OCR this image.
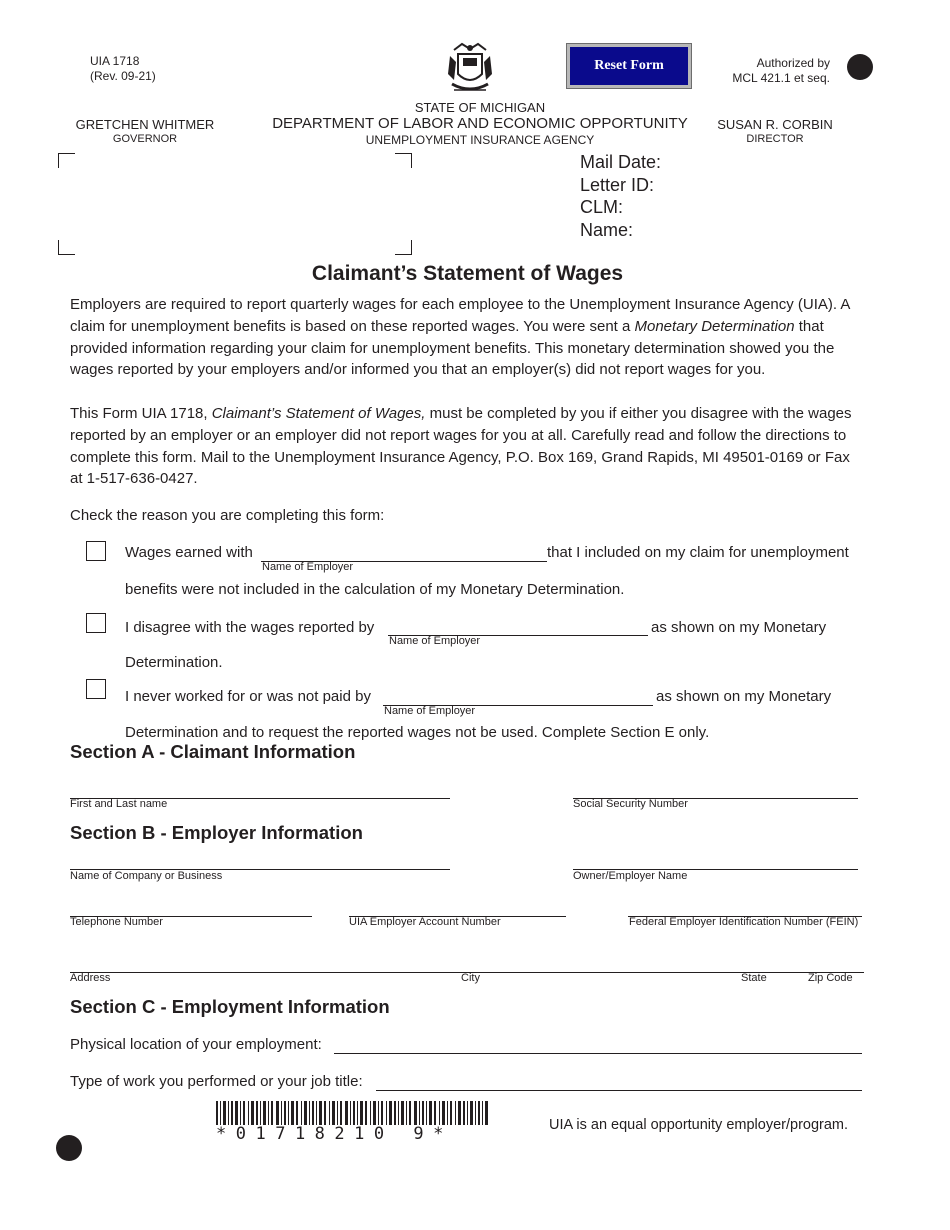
UIA 1718
(Rev. 09-21)
Reset Form	Authorized by
MCL 421.1 et seq.
STATE OF MICHIGAN
DEPARTMENT OF LABOR AND ECONOMIC OPPORTUNITY
UNEMPLOYMENT INSURANCE AGENCY
GRETCHEN WHITMER
GOVERNOR
SUSAN R. CORBIN
DIRECTOR
Mail Date:
Letter ID:
CLM:
Name:
Claimant’s Statement of Wages
Employers are required to report quarterly wages for each employee to the Unemployment Insurance Agency (UIA). A claim for unemployment benefits is based on these reported wages. You were sent a Monetary Determination that provided information regarding your claim for unemployment benefits. This monetary determination showed you the wages reported by your employers and/or informed you that an employer(s) did not report wages for you.
This Form UIA 1718, Claimant’s Statement of Wages, must be completed by you if either you disagree with the wages reported by an employer or an employer did not report wages for you at all. Carefully read and follow the directions to complete this form. Mail to the Unemployment Insurance Agency, P.O. Box 169, Grand Rapids, MI 49501-0169 or Fax at 1-517-636-0427.
Check the reason you are completing this form:
Wages earned with
Name of Employer
that I included on my claim for unemployment
benefits were not included in the calculation of my Monetary Determination.
I disagree with the wages reported by
Name of Employer
as shown on my Monetary
Determination.
I never worked for or was not paid by
Name of Employer
as shown on my Monetary
Determination and to request the reported wages not be used. Complete Section E only.
Section A - Claimant Information
First and Last name	Social Security Number
Section B - Employer Information
Name of Company or Business	Owner/Employer Name
Telephone Number	UIA Employer Account Number	Federal Employer Identification Number (FEIN)
Address	City	State	Zip Code
Section C - Employment Information
Physical location of your employment:
Type of work you performed or your job title:
*01718210 9*	UIA is an equal opportunity employer/program.
